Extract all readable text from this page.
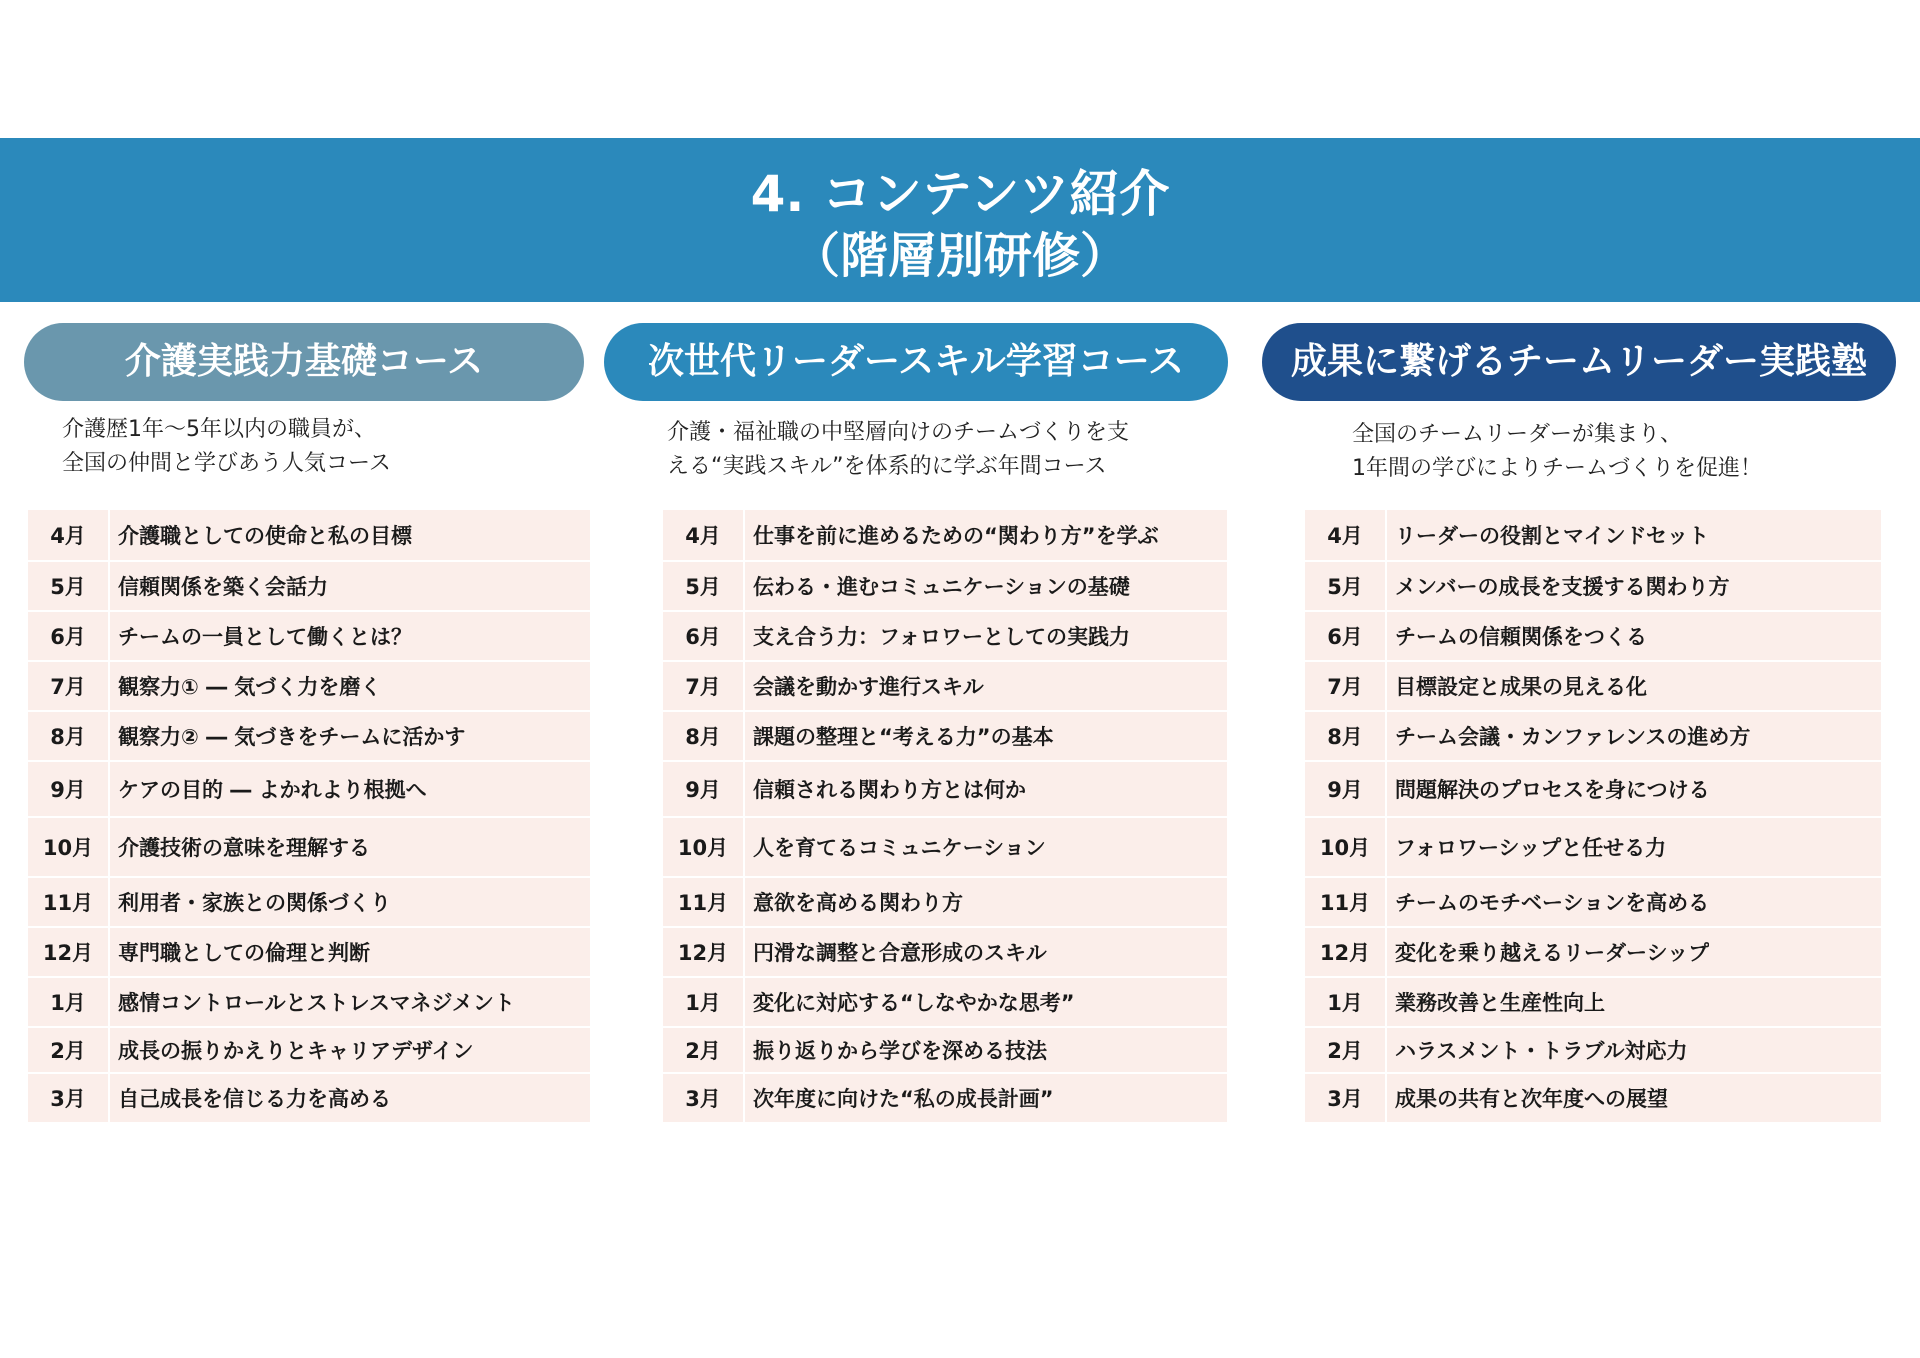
4. コンテンツ紹介
（階層別研修）
介護実践力基礎コース
介護歴1年～5年以内の職員が、
全国の仲間と学びあう人気コース
4月	介護職としての使命と私の目標
5月	信頼関係を築く会話力
6月	チームの一員として働くとは？
7月	観察力① ― 気づく力を磨く
8月	観察力② ― 気づきをチームに活かす
9月	ケアの目的 ― よかれより根拠へ
10月	介護技術の意味を理解する
11月	利用者・家族との関係づくり
12月	専門職としての倫理と判断
1月	感情コントロールとストレスマネジメント
2月	成長の振りかえりとキャリアデザイン
3月	自己成長を信じる力を高める
次世代リーダースキル学習コース
介護・福祉職の中堅層向けのチームづくりを支
える“実践スキル”を体系的に学ぶ年間コース
4月	仕事を前に進めるための“関わり方”を学ぶ
5月	伝わる・進むコミュニケーションの基礎
6月	支え合う力：フォロワーとしての実践力
7月	会議を動かす進行スキル
8月	課題の整理と“考える力”の基本
9月	信頼される関わり方とは何か
10月	人を育てるコミュニケーション
11月	意欲を高める関わり方
12月	円滑な調整と合意形成のスキル
1月	変化に対応する“しなやかな思考”
2月	振り返りから学びを深める技法
3月	次年度に向けた“私の成長計画”
成果に繋げるチームリーダー実践塾
全国のチームリーダーが集まり、
1年間の学びによりチームづくりを促進！
4月	リーダーの役割とマインドセット
5月	メンバーの成長を支援する関わり方
6月	チームの信頼関係をつくる
7月	目標設定と成果の見える化
8月	チーム会議・カンファレンスの進め方
9月	問題解決のプロセスを身につける
10月	フォロワーシップと任せる力
11月	チームのモチベーションを高める
12月	変化を乗り越えるリーダーシップ
1月	業務改善と生産性向上
2月	ハラスメント・トラブル対応力
3月	成果の共有と次年度への展望
